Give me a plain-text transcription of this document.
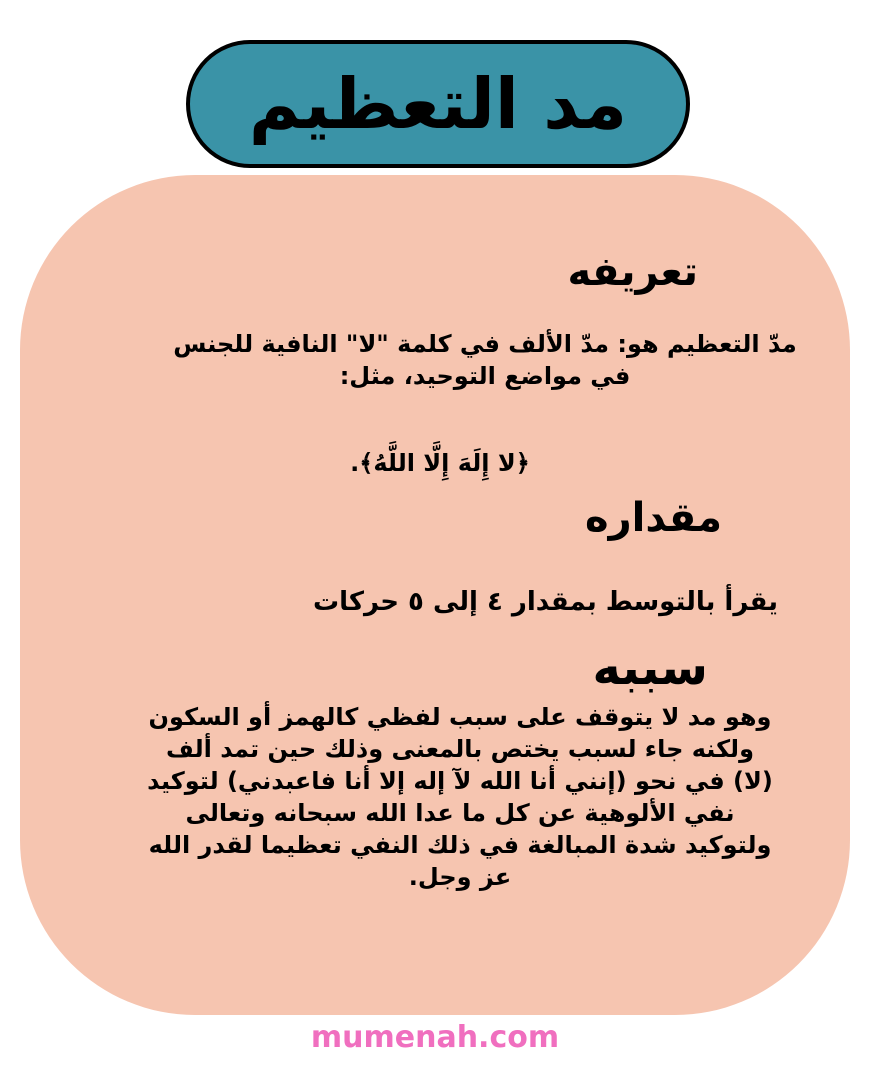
مد التعظيم
تعريفه
مدّ التعظيم هو: مدّ الألف في كلمة "لا" النافية للجنس
في مواضع التوحيد، مثل:
﴿لا إِلَهَ إِلَّا اللَّهُ﴾.
مقداره
يقرأ بالتوسط بمقدار ٤ إلى ٥ حركات
سببه
وهو مد لا يتوقف على سبب لفظي كالهمز أو السكون
ولكنه جاء لسبب يختص بالمعنى وذلك حين تمد ألف
(لا) في نحو (إنني أنا الله لآ إله إلا أنا فاعبدني) لتوكيد
نفي الألوهية عن كل ما عدا الله سبحانه وتعالى
ولتوكيد شدة المبالغة في ذلك النفي تعظيما لقدر الله
عز وجل.
mumenah.com
